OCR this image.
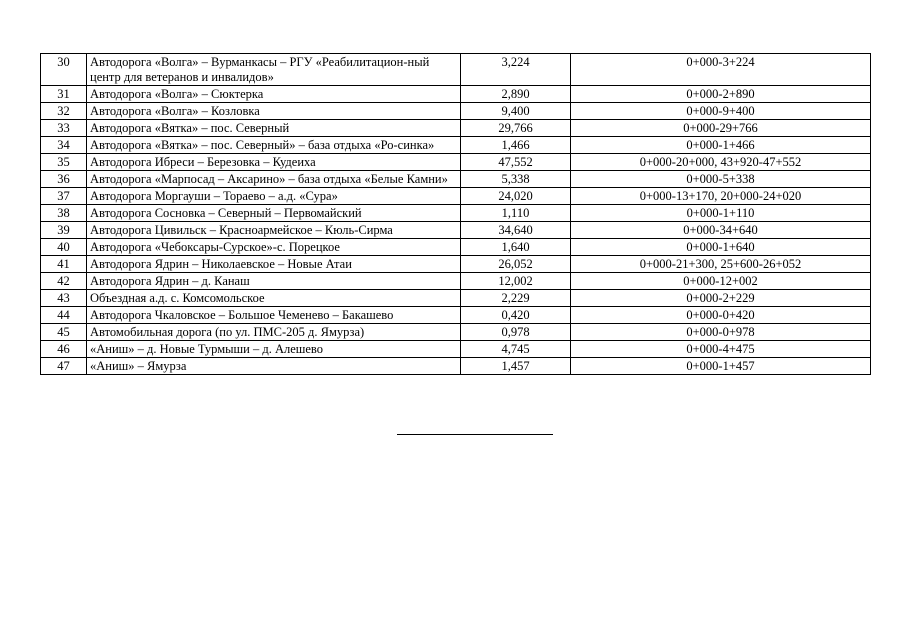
30	Автодорога «Волга» – Вурманкасы – РГУ «Реабилитацион-ный центр для ветеранов и инвалидов»	3,224	0+000-3+224
31	Автодорога «Волга» – Сюктерка	2,890	0+000-2+890
32	Автодорога «Волга» – Козловка	9,400	0+000-9+400
33	Автодорога «Вятка» – пос. Северный	29,766	0+000-29+766
34	Автодорога «Вятка» – пос. Северный» – база отдыха «Ро-синка»	1,466	0+000-1+466
35	Автодорога Ибреси – Березовка – Кудеиха	47,552	0+000-20+000, 43+920-47+552
36	Автодорога «Марпосад – Аксарино» – база отдыха «Белые Камни»	5,338	0+000-5+338
37	Автодорога Моргауши – Тораево – а.д. «Сура»	24,020	0+000-13+170, 20+000-24+020
38	Автодорога Сосновка – Северный – Первомайский	1,110	0+000-1+110
39	Автодорога Цивильск – Красноармейское – Кюль-Сирма	34,640	0+000-34+640
40	Автодорога «Чебоксары-Сурское»-с. Порецкое	1,640	0+000-1+640
41	Автодорога Ядрин – Николаевское – Новые Атаи	26,052	0+000-21+300, 25+600-26+052
42	Автодорога Ядрин – д. Канаш	12,002	0+000-12+002
43	Объездная а.д. с. Комсомольское	2,229	0+000-2+229
44	Автодорога Чкаловское – Большое Чеменево – Бакашево	0,420	0+000-0+420
45	Автомобильная дорога (по ул. ПМС-205 д. Ямурза)	0,978	0+000-0+978
46	«Аниш» – д. Новые Турмыши – д. Алешево	4,745	0+000-4+475
47	«Аниш» – Ямурза	1,457	0+000-1+457
